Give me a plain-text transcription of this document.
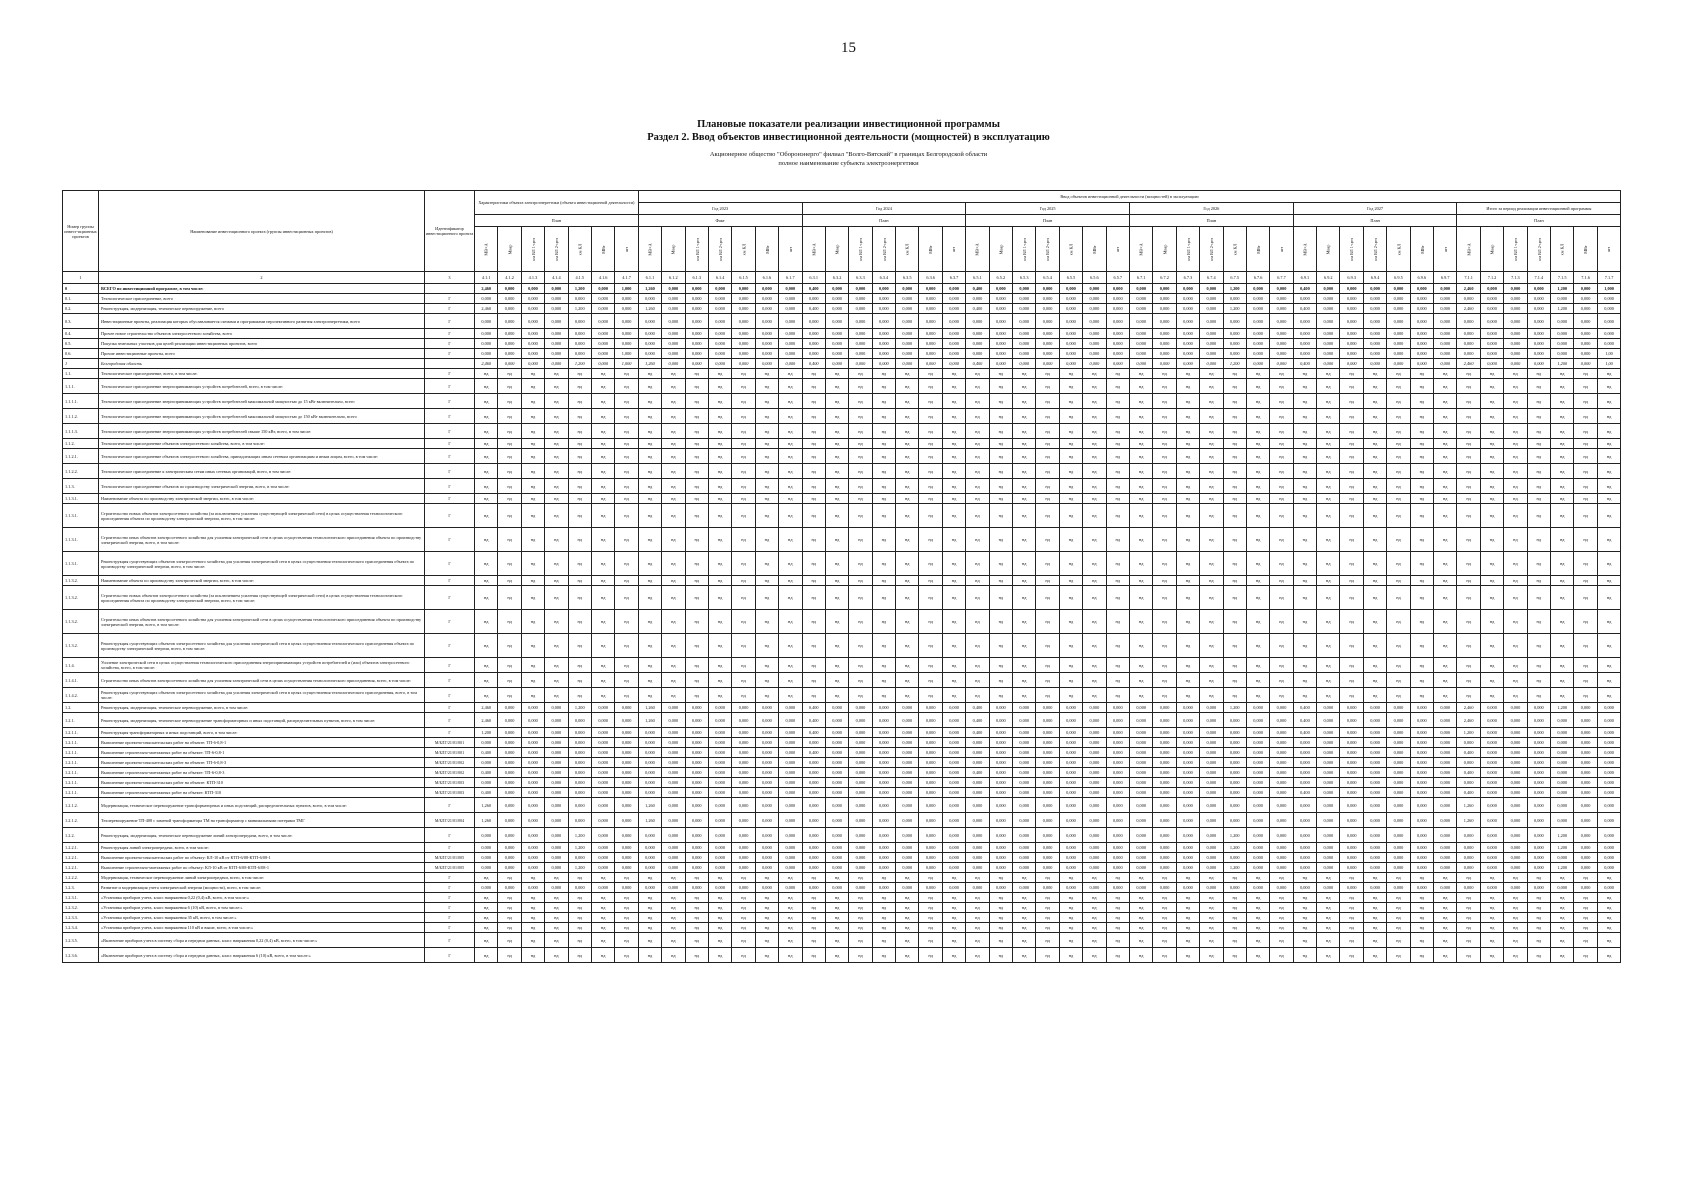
15
Плановые показатели реализации инвестиционной программы
Раздел 2. Ввод объектов инвестиционной деятельности (мощностей) в эксплуатацию
Акционерное общество "Оборонэнерго" филиал "Волго-Вятский" в границах Белгородской области
полное наименование субъекта электроэнергетики
Номер группы инвест-иционных проектов	Наименование инвестиционного проекта (группы инвестиционных проектов)	Идентификатор инвестиционного проекта	Характеристики объекта электроэнергетики (объекта инвестиционной деятельности)							Ввод объектов инвестиционной деятельности (мощностей) в эксплуатацию																																									
										Год 2023							Год 2024							Год 2025							Год 2026							Год 2027							Итого за период реализации инвестиционной программы						
			План							Факт							План							План							План							План							План						
			МВ×А	Мвар	км ВЛ 1-цеп	км ВЛ 2-цеп	км КЛ	МВт	шт	МВ×А	Мвар	км ВЛ 1-цеп	км ВЛ 2-цеп	км КЛ	МВт	шт	МВ×А	Мвар	км ВЛ 1-цеп	км ВЛ 2-цеп	км КЛ	МВт	шт	МВ×А	Мвар	км ВЛ 1-цеп	км ВЛ 2-цеп	км КЛ	МВт	шт	МВ×А	Мвар	км ВЛ 1-цеп	км ВЛ 2-цеп	км КЛ	МВт	шт	МВ×А	Мвар	км ВЛ 1-цеп	км ВЛ 2-цеп	км КЛ	МВт	шт	МВ×А	Мвар	км ВЛ 1-цеп	км ВЛ 2-цеп	км КЛ	МВт	шт
1	2	3	4.1.1	4.1.2	4.1.3	4.1.4	4.1.5	4.1.6	4.1.7	6.1.1	6.1.2	6.1.3	6.1.4	6.1.5	6.1.6	6.1.7	6.3.1	6.3.2	6.3.3	6.3.4	6.3.5	6.3.6	6.3.7	6.5.1	6.5.2	6.5.3	6.5.4	6.5.5	6.5.6	6.5.7	6.7.1	6.7.2	6.7.3	6.7.4	6.7.5	6.7.6	6.7.7	6.9.1	6.9.2	6.9.3	6.9.4	6.9.5	6.9.6	6.9.7	7.1.1	7.1.2	7.1.3	7.1.4	7.1.5	7.1.6	7.1.7
0	ВСЕГО по инвестиционной программе, в том числе:		2,460	0,000	0,000	0,000	1,200	0,000	1,000	1,260	0,000	0,000	0,000	0,000	0,000	0,000	0,400	0,000	0,000	0,000	0,000	0,000	0,000	0,400	0,000	0,000	0,000	0,000	0,000	0,000	0,000	0,000	0,000	0,000	1,200	0,000	0,000	0,400	0,000	0,000	0,000	0,000	0,000	0,000	2,460	0,000	0,000	0,000	1,200	0,000	1,000
0.1.	Технологическое присоединение, всего	Г	0,000	0,000	0,000	0,000	0,000	0,000	0,000	0,000	0,000	0,000	0,000	0,000	0,000	0,000	0,000	0,000	0,000	0,000	0,000	0,000	0,000	0,000	0,000	0,000	0,000	0,000	0,000	0,000	0,000	0,000	0,000	0,000	0,000	0,000	0,000	0,000	0,000	0,000	0,000	0,000	0,000	0,000	0,000	0,000	0,000	0,000	0,000	0,000	0,000
0.2.	Реконструкция, модернизация, техническое перевооружение, всего	Г	2,460	0,000	0,000	0,000	1,200	0,000	0,000	1,260	0,000	0,000	0,000	0,000	0,000	0,000	0,400	0,000	0,000	0,000	0,000	0,000	0,000	0,400	0,000	0,000	0,000	0,000	0,000	0,000	0,000	0,000	0,000	0,000	1,200	0,000	0,000	0,400	0,000	0,000	0,000	0,000	0,000	0,000	2,460	0,000	0,000	0,000	1,200	0,000	0,000
0.3.	Инвестиционные проекты, реализация которых обуславливается схемами и программами перспективного развития электроэнергетики, всего	Г	0,000	0,000	0,000	0,000	0,000	0,000	0,000	0,000	0,000	0,000	0,000	0,000	0,000	0,000	0,000	0,000	0,000	0,000	0,000	0,000	0,000	0,000	0,000	0,000	0,000	0,000	0,000	0,000	0,000	0,000	0,000	0,000	0,000	0,000	0,000	0,000	0,000	0,000	0,000	0,000	0,000	0,000	0,000	0,000	0,000	0,000	0,000	0,000	0,000
0.4.	Прочее новое строительство объектов электросетевого хозяйства, всего	Г	0,000	0,000	0,000	0,000	0,000	0,000	0,000	0,000	0,000	0,000	0,000	0,000	0,000	0,000	0,000	0,000	0,000	0,000	0,000	0,000	0,000	0,000	0,000	0,000	0,000	0,000	0,000	0,000	0,000	0,000	0,000	0,000	0,000	0,000	0,000	0,000	0,000	0,000	0,000	0,000	0,000	0,000	0,000	0,000	0,000	0,000	0,000	0,000	0,000
0.5.	Покупка земельных участков для целей реализации инвестиционных проектов, всего	Г	0,000	0,000	0,000	0,000	0,000	0,000	0,000	0,000	0,000	0,000	0,000	0,000	0,000	0,000	0,000	0,000	0,000	0,000	0,000	0,000	0,000	0,000	0,000	0,000	0,000	0,000	0,000	0,000	0,000	0,000	0,000	0,000	0,000	0,000	0,000	0,000	0,000	0,000	0,000	0,000	0,000	0,000	0,000	0,000	0,000	0,000	0,000	0,000	0,000
0.6.	Прочие инвестиционные проекты, всего	Г	0,000	0,000	0,000	0,000	0,000	0,000	1,000	0,000	0,000	0,000	0,000	0,000	0,000	0,000	0,000	0,000	0,000	0,000	0,000	0,000	0,000	0,000	0,000	0,000	0,000	0,000	0,000	0,000	0,000	0,000	0,000	0,000	0,000	0,000	0,000	0,000	0,000	0,000	0,000	0,000	0,000	0,000	0,000	0,000	0,000	0,000	0,000	0,000	1,00
1	Белгородская область		2,460	0,000	0,000	0,000	1,200	0,000	1,000	1,260	0,000	0,000	0,000	0,000	0,000	0,000	0,400	0,000	0,000	0,000	0,000	0,000	0,000	0,400	0,000	0,000	0,000	0,000	0,000	0,000	0,000	0,000	0,000	0,000	1,200	0,000	0,000	0,400	0,000	0,000	0,000	0,000	0,000	0,000	2,460	0,000	0,000	0,000	1,200	0,000	1,00
1.1.	Технологическое присоединение, всего, в том числе:	Г	нд	нд	нд	нд	нд	нд	нд	нд	нд	нд	нд	нд	нд	нд	нд	нд	нд	нд	нд	нд	нд	нд	нд	нд	нд	нд	нд	нд	нд	нд	нд	нд	нд	нд	нд	нд	нд	нд	нд	нд	нд	нд	нд	нд	нд	нд	нд	нд	нд
1.1.1.	Технологическое присоединение энергопринимающих устройств потребителей, всего, в том числе:	Г	нд	нд	нд	нд	нд	нд	нд	нд	нд	нд	нд	нд	нд	нд	нд	нд	нд	нд	нд	нд	нд	нд	нд	нд	нд	нд	нд	нд	нд	нд	нд	нд	нд	нд	нд	нд	нд	нд	нд	нд	нд	нд	нд	нд	нд	нд	нд	нд	нд
1.1.1.1.	Технологическое присоединение энергопринимающих устройств потребителей максимальной мощностью до 15 кВт включительно, всего	Г	нд	нд	нд	нд	нд	нд	нд	нд	нд	нд	нд	нд	нд	нд	нд	нд	нд	нд	нд	нд	нд	нд	нд	нд	нд	нд	нд	нд	нд	нд	нд	нд	нд	нд	нд	нд	нд	нд	нд	нд	нд	нд	нд	нд	нд	нд	нд	нд	нд
1.1.1.2.	Технологическое присоединение энергопринимающих устройств потребителей максимальной мощностью до 150 кВт включительно, всего	Г	нд	нд	нд	нд	нд	нд	нд	нд	нд	нд	нд	нд	нд	нд	нд	нд	нд	нд	нд	нд	нд	нд	нд	нд	нд	нд	нд	нд	нд	нд	нд	нд	нд	нд	нд	нд	нд	нд	нд	нд	нд	нд	нд	нд	нд	нд	нд	нд	нд
1.1.1.3.	Технологическое присоединение энергопринимающих устройств потребителей свыше 150 кВт, всего, в том числе:	Г	нд	нд	нд	нд	нд	нд	нд	нд	нд	нд	нд	нд	нд	нд	нд	нд	нд	нд	нд	нд	нд	нд	нд	нд	нд	нд	нд	нд	нд	нд	нд	нд	нд	нд	нд	нд	нд	нд	нд	нд	нд	нд	нд	нд	нд	нд	нд	нд	нд
1.1.2.	Технологическое присоединение объектов электросетевого хозяйства, всего, в том числе:	Г	нд	нд	нд	нд	нд	нд	нд	нд	нд	нд	нд	нд	нд	нд	нд	нд	нд	нд	нд	нд	нд	нд	нд	нд	нд	нд	нд	нд	нд	нд	нд	нд	нд	нд	нд	нд	нд	нд	нд	нд	нд	нд	нд	нд	нд	нд	нд	нд	нд
1.1.2.1.	Технологическое присоединение объектов электросетевого хозяйства, принадлежащих иным сетевым организациям и иным лицам, всего, в том числе:	Г	нд	нд	нд	нд	нд	нд	нд	нд	нд	нд	нд	нд	нд	нд	нд	нд	нд	нд	нд	нд	нд	нд	нд	нд	нд	нд	нд	нд	нд	нд	нд	нд	нд	нд	нд	нд	нд	нд	нд	нд	нд	нд	нд	нд	нд	нд	нд	нд	нд
1.1.2.2.	Технологическое присоединение к электрическим сетям иных сетевых организаций, всего, в том числе:	Г	нд	нд	нд	нд	нд	нд	нд	нд	нд	нд	нд	нд	нд	нд	нд	нд	нд	нд	нд	нд	нд	нд	нд	нд	нд	нд	нд	нд	нд	нд	нд	нд	нд	нд	нд	нд	нд	нд	нд	нд	нд	нд	нд	нд	нд	нд	нд	нд	нд
1.1.3.	Технологическое присоединение объектов по производству электрической энергии, всего, в том числе:	Г	нд	нд	нд	нд	нд	нд	нд	нд	нд	нд	нд	нд	нд	нд	нд	нд	нд	нд	нд	нд	нд	нд	нд	нд	нд	нд	нд	нд	нд	нд	нд	нд	нд	нд	нд	нд	нд	нд	нд	нд	нд	нд	нд	нд	нд	нд	нд	нд	нд
1.1.3.1.	Наименование объекта по производству электрической энергии, всего, в том числе:	Г	нд	нд	нд	нд	нд	нд	нд	нд	нд	нд	нд	нд	нд	нд	нд	нд	нд	нд	нд	нд	нд	нд	нд	нд	нд	нд	нд	нд	нд	нд	нд	нд	нд	нд	нд	нд	нд	нд	нд	нд	нд	нд	нд	нд	нд	нд	нд	нд	нд
1.1.3.1.	Строительство новых объектов электросетевого хозяйства (за исключением усиления существующей электрической сети) в целях осуществления технологического присоединения объекта по производству электрической энергии, всего, в том числе:	Г	нд	нд	нд	нд	нд	нд	нд	нд	нд	нд	нд	нд	нд	нд	нд	нд	нд	нд	нд	нд	нд	нд	нд	нд	нд	нд	нд	нд	нд	нд	нд	нд	нд	нд	нд	нд	нд	нд	нд	нд	нд	нд	нд	нд	нд	нд	нд	нд	нд
1.1.3.1.	Строительство иных объектов электросетевого хозяйства для усиления электрической сети в целях осуществления технологического присоединения объекта по производству электрической энергии, всего, в том числе:	Г	нд	нд	нд	нд	нд	нд	нд	нд	нд	нд	нд	нд	нд	нд	нд	нд	нд	нд	нд	нд	нд	нд	нд	нд	нд	нд	нд	нд	нд	нд	нд	нд	нд	нд	нд	нд	нд	нд	нд	нд	нд	нд	нд	нд	нд	нд	нд	нд	нд
1.1.3.1.	Реконструкция существующих объектов электросетевого хозяйства для усиления электрической сети в целях осуществления технологического присоединения объекта по производству электрической энергии, всего, в том числе:	Г	нд	нд	нд	нд	нд	нд	нд	нд	нд	нд	нд	нд	нд	нд	нд	нд	нд	нд	нд	нд	нд	нд	нд	нд	нд	нд	нд	нд	нд	нд	нд	нд	нд	нд	нд	нд	нд	нд	нд	нд	нд	нд	нд	нд	нд	нд	нд	нд	нд
1.1.3.2.	Наименование объекта по производству электрической энергии, всего, в том числе:	Г	нд	нд	нд	нд	нд	нд	нд	нд	нд	нд	нд	нд	нд	нд	нд	нд	нд	нд	нд	нд	нд	нд	нд	нд	нд	нд	нд	нд	нд	нд	нд	нд	нд	нд	нд	нд	нд	нд	нд	нд	нд	нд	нд	нд	нд	нд	нд	нд	нд
1.1.3.2.	Строительство новых объектов электросетевого хозяйства (за исключением усиления существующей электрической сети) в целях осуществления технологического присоединения объекта по производству электрической энергии, всего, в том числе:	Г	нд	нд	нд	нд	нд	нд	нд	нд	нд	нд	нд	нд	нд	нд	нд	нд	нд	нд	нд	нд	нд	нд	нд	нд	нд	нд	нд	нд	нд	нд	нд	нд	нд	нд	нд	нд	нд	нд	нд	нд	нд	нд	нд	нд	нд	нд	нд	нд	нд
1.1.3.2.	Строительство иных объектов электросетевого хозяйства для усиления электрической сети в целях осуществления технологического присоединения объекта по производству электрической энергии, всего, в том числе:	Г	нд	нд	нд	нд	нд	нд	нд	нд	нд	нд	нд	нд	нд	нд	нд	нд	нд	нд	нд	нд	нд	нд	нд	нд	нд	нд	нд	нд	нд	нд	нд	нд	нд	нд	нд	нд	нд	нд	нд	нд	нд	нд	нд	нд	нд	нд	нд	нд	нд
1.1.3.2.	Реконструкция существующих объектов электросетевого хозяйства для усиления электрической сети в целях осуществления технологического присоединения объекта по производству электрической энергии, всего, в том числе:	Г	нд	нд	нд	нд	нд	нд	нд	нд	нд	нд	нд	нд	нд	нд	нд	нд	нд	нд	нд	нд	нд	нд	нд	нд	нд	нд	нд	нд	нд	нд	нд	нд	нд	нд	нд	нд	нд	нд	нд	нд	нд	нд	нд	нд	нд	нд	нд	нд	нд
1.1.4.	Усиление электрической сети в целях осуществления технологического присоединения энергопринимающих устройств потребителей и (или) объектов электросетевого хозяйства, всего, в том числе:	Г	нд	нд	нд	нд	нд	нд	нд	нд	нд	нд	нд	нд	нд	нд	нд	нд	нд	нд	нд	нд	нд	нд	нд	нд	нд	нд	нд	нд	нд	нд	нд	нд	нд	нд	нд	нд	нд	нд	нд	нд	нд	нд	нд	нд	нд	нд	нд	нд	нд
1.1.4.1.	Строительство иных объектов электросетевого хозяйства для усиления электрической сети в целях осуществления технологического присоединения, всего, в том числе:	Г	нд	нд	нд	нд	нд	нд	нд	нд	нд	нд	нд	нд	нд	нд	нд	нд	нд	нд	нд	нд	нд	нд	нд	нд	нд	нд	нд	нд	нд	нд	нд	нд	нд	нд	нд	нд	нд	нд	нд	нд	нд	нд	нд	нд	нд	нд	нд	нд	нд
1.1.4.2.	Реконструкция существующих объектов электросетевого хозяйства для усиления электрической сети в целях осуществления технологического присоединения, всего, в том числе:	Г	нд	нд	нд	нд	нд	нд	нд	нд	нд	нд	нд	нд	нд	нд	нд	нд	нд	нд	нд	нд	нд	нд	нд	нд	нд	нд	нд	нд	нд	нд	нд	нд	нд	нд	нд	нд	нд	нд	нд	нд	нд	нд	нд	нд	нд	нд	нд	нд	нд
1.2.	Реконструкция, модернизация, техническое перевооружение, всего, в том числе:	Г	2,460	0,000	0,000	0,000	1,200	0,000	0,000	1,260	0,000	0,000	0,000	0,000	0,000	0,000	0,400	0,000	0,000	0,000	0,000	0,000	0,000	0,400	0,000	0,000	0,000	0,000	0,000	0,000	0,000	0,000	0,000	0,000	1,200	0,000	0,000	0,400	0,000	0,000	0,000	0,000	0,000	0,000	2,460	0,000	0,000	0,000	1,200	0,000	0,000
1.2.1.	Реконструкция, модернизация, техническое перевооружение трансформаторных и иных подстанций, распределительных пунктов, всего, в том числе:	Г	2,460	0,000	0,000	0,000	0,000	0,000	0,000	1,260	0,000	0,000	0,000	0,000	0,000	0,000	0,400	0,000	0,000	0,000	0,000	0,000	0,000	0,400	0,000	0,000	0,000	0,000	0,000	0,000	0,000	0,000	0,000	0,000	0,000	0,000	0,000	0,400	0,000	0,000	0,000	0,000	0,000	0,000	2,460	0,000	0,000	0,000	0,000	0,000	0,000
1.2.1.1.	Реконструкция трансформаторных и иных подстанций, всего, в том числе:	Г	1,200	0,000	0,000	0,000	0,000	0,000	0,000	0,000	0,000	0,000	0,000	0,000	0,000	0,000	0,400	0,000	0,000	0,000	0,000	0,000	0,000	0,400	0,000	0,000	0,000	0,000	0,000	0,000	0,000	0,000	0,000	0,000	0,000	0,000	0,000	0,400	0,000	0,000	0,000	0,000	0,000	0,000	1,200	0,000	0,000	0,000	0,000	0,000	0,000
1.2.1.1.	Выполнение проектно-изыскательских работ на объекте: ТП-6-0,8-1	М/БЛГ/21/01/001	0,000	0,000	0,000	0,000	0,000	0,000	0,000	0,000	0,000	0,000	0,000	0,000	0,000	0,000	0,000	0,000	0,000	0,000	0,000	0,000	0,000	0,000	0,000	0,000	0,000	0,000	0,000	0,000	0,000	0,000	0,000	0,000	0,000	0,000	0,000	0,000	0,000	0,000	0,000	0,000	0,000	0,000	0,000	0,000	0,000	0,000	0,000	0,000	0,000
1.2.1.1.	Выполнение строительно-монтажных работ на объекте: ТП-6-0,8-1	М/БЛГ/21/01/001	0,400	0,000	0,000	0,000	0,000	0,000	0,000	0,000	0,000	0,000	0,000	0,000	0,000	0,000	0,400	0,000	0,000	0,000	0,000	0,000	0,000	0,000	0,000	0,000	0,000	0,000	0,000	0,000	0,000	0,000	0,000	0,000	0,000	0,000	0,000	0,000	0,000	0,000	0,000	0,000	0,000	0,000	0,400	0,000	0,000	0,000	0,000	0,000	0,000
1.2.1.1.	Выполнение проектно-изыскательских работ на объекте: ТП-6-0,8-3	М/БЛГ/21/01/002	0,000	0,000	0,000	0,000	0,000	0,000	0,000	0,000	0,000	0,000	0,000	0,000	0,000	0,000	0,000	0,000	0,000	0,000	0,000	0,000	0,000	0,000	0,000	0,000	0,000	0,000	0,000	0,000	0,000	0,000	0,000	0,000	0,000	0,000	0,000	0,000	0,000	0,000	0,000	0,000	0,000	0,000	0,000	0,000	0,000	0,000	0,000	0,000	0,000
1.2.1.1.	Выполнение строительно-монтажных работ на объекте: ТП-6-0,8-3	М/БЛГ/21/01/002	0,400	0,000	0,000	0,000	0,000	0,000	0,000	0,000	0,000	0,000	0,000	0,000	0,000	0,000	0,000	0,000	0,000	0,000	0,000	0,000	0,000	0,400	0,000	0,000	0,000	0,000	0,000	0,000	0,000	0,000	0,000	0,000	0,000	0,000	0,000	0,000	0,000	0,000	0,000	0,000	0,000	0,000	0,400	0,000	0,000	0,000	0,000	0,000	0,000
1.2.1.1.	Выполнение проектно-изыскательских работ на объекте: КТП-310	М/БЛГ/21/01/003	0,000	0,000	0,000	0,000	0,000	0,000	0,000	0,000	0,000	0,000	0,000	0,000	0,000	0,000	0,000	0,000	0,000	0,000	0,000	0,000	0,000	0,000	0,000	0,000	0,000	0,000	0,000	0,000	0,000	0,000	0,000	0,000	0,000	0,000	0,000	0,000	0,000	0,000	0,000	0,000	0,000	0,000	0,000	0,000	0,000	0,000	0,000	0,000	0,000
1.2.1.1.	Выполнение строительно-монтажных работ на объекте: КТП-310	М/БЛГ/21/01/003	0,400	0,000	0,000	0,000	0,000	0,000	0,000	0,000	0,000	0,000	0,000	0,000	0,000	0,000	0,000	0,000	0,000	0,000	0,000	0,000	0,000	0,000	0,000	0,000	0,000	0,000	0,000	0,000	0,000	0,000	0,000	0,000	0,000	0,000	0,000	0,400	0,000	0,000	0,000	0,000	0,000	0,000	0,400	0,000	0,000	0,000	0,000	0,000	0,000
1.2.1.2.	Модернизация, техническое перевооружение трансформаторных и иных подстанций, распределительных пунктов, всего, в том числе:	Г	1,260	0,000	0,000	0,000	0,000	0,000	0,000	1,260	0,000	0,000	0,000	0,000	0,000	0,000	0,000	0,000	0,000	0,000	0,000	0,000	0,000	0,000	0,000	0,000	0,000	0,000	0,000	0,000	0,000	0,000	0,000	0,000	0,000	0,000	0,000	0,000	0,000	0,000	0,000	0,000	0,000	0,000	1,260	0,000	0,000	0,000	0,000	0,000	0,000
1.2.1.2.	Техперевооружение ТП-408 с заменой трансформатора ТМ на трансформатор с минимальными потерями ТМГ	М/БЛГ/21/01/004	1,260	0,000	0,000	0,000	0,000	0,000	0,000	1,260	0,000	0,000	0,000	0,000	0,000	0,000	0,000	0,000	0,000	0,000	0,000	0,000	0,000	0,000	0,000	0,000	0,000	0,000	0,000	0,000	0,000	0,000	0,000	0,000	0,000	0,000	0,000	0,000	0,000	0,000	0,000	0,000	0,000	0,000	1,260	0,000	0,000	0,000	0,000	0,000	0,000
1.2.2.	Реконструкция, модернизация, техническое перевооружение линий электропередачи, всего, в том числе:	Г	0,000	0,000	0,000	0,000	1,200	0,000	0,000	0,000	0,000	0,000	0,000	0,000	0,000	0,000	0,000	0,000	0,000	0,000	0,000	0,000	0,000	0,000	0,000	0,000	0,000	0,000	0,000	0,000	0,000	0,000	0,000	0,000	1,200	0,000	0,000	0,000	0,000	0,000	0,000	0,000	0,000	0,000	0,000	0,000	0,000	0,000	1,200	0,000	0,000
1.2.2.1.	Реконструкция линий электропередачи, всего, в том числе:	Г	0,000	0,000	0,000	0,000	1,200	0,000	0,000	0,000	0,000	0,000	0,000	0,000	0,000	0,000	0,000	0,000	0,000	0,000	0,000	0,000	0,000	0,000	0,000	0,000	0,000	0,000	0,000	0,000	0,000	0,000	0,000	0,000	1,200	0,000	0,000	0,000	0,000	0,000	0,000	0,000	0,000	0,000	0,000	0,000	0,000	0,000	1,200	0,000	0,000
1.2.2.1.	Выполнение проектно-изыскательских работ по объекту: КЛ-10 кВ от КТП-6/08-КТП-6/08-1	М/БЛГ/21/01/005	0,000	0,000	0,000	0,000	0,000	0,000	0,000	0,000	0,000	0,000	0,000	0,000	0,000	0,000	0,000	0,000	0,000	0,000	0,000	0,000	0,000	0,000	0,000	0,000	0,000	0,000	0,000	0,000	0,000	0,000	0,000	0,000	0,000	0,000	0,000	0,000	0,000	0,000	0,000	0,000	0,000	0,000	0,000	0,000	0,000	0,000	0,000	0,000	0,000
1.2.2.1.	Выполнение строительно-монтажных работ по объекту: КЛ-10 кВ от КТП-6/08-КТП-6/08-1	М/БЛГ/21/01/005	0,000	0,000	0,000	0,000	1,200	0,000	0,000	0,000	0,000	0,000	0,000	0,000	0,000	0,000	0,000	0,000	0,000	0,000	0,000	0,000	0,000	0,000	0,000	0,000	0,000	0,000	0,000	0,000	0,000	0,000	0,000	0,000	1,200	0,000	0,000	0,000	0,000	0,000	0,000	0,000	0,000	0,000	0,000	0,000	0,000	0,000	1,200	0,000	0,000
1.2.2.2.	Модернизация, техническое перевооружение линий электропередачи, всего, в том числе:	Г	нд	нд	нд	нд	нд	нд	нд	нд	нд	нд	нд	нд	нд	нд	нд	нд	нд	нд	нд	нд	нд	нд	нд	нд	нд	нд	нд	нд	нд	нд	нд	нд	нд	нд	нд	нд	нд	нд	нд	нд	нд	нд	нд	нд	нд	нд	нд	нд	нд
1.2.3.	Развитие и модернизация учета электрической энергии (мощности), всего, в том числе:	Г	0,000	0,000	0,000	0,000	0,000	0,000	0,000	0,000	0,000	0,000	0,000	0,000	0,000	0,000	0,000	0,000	0,000	0,000	0,000	0,000	0,000	0,000	0,000	0,000	0,000	0,000	0,000	0,000	0,000	0,000	0,000	0,000	0,000	0,000	0,000	0,000	0,000	0,000	0,000	0,000	0,000	0,000	0,000	0,000	0,000	0,000	0,000	0,000	0,000
1.2.3.1.	«Установка приборов учета, класс напряжения 0,22 (0,4) кВ, всего, в том числе:»	Г	нд	нд	нд	нд	нд	нд	нд	нд	нд	нд	нд	нд	нд	нд	нд	нд	нд	нд	нд	нд	нд	нд	нд	нд	нд	нд	нд	нд	нд	нд	нд	нд	нд	нд	нд	нд	нд	нд	нд	нд	нд	нд	нд	нд	нд	нд	нд	нд	нд
1.2.3.2.	«Установка приборов учета, класс напряжения 6 (10) кВ, всего, в том числе:»	Г	нд	нд	нд	нд	нд	нд	нд	нд	нд	нд	нд	нд	нд	нд	нд	нд	нд	нд	нд	нд	нд	нд	нд	нд	нд	нд	нд	нд	нд	нд	нд	нд	нд	нд	нд	нд	нд	нд	нд	нд	нд	нд	нд	нд	нд	нд	нд	нд	нд
1.2.3.3.	«Установка приборов учета, класс напряжения 35 кВ, всего, в том числе:»	Г	нд	нд	нд	нд	нд	нд	нд	нд	нд	нд	нд	нд	нд	нд	нд	нд	нд	нд	нд	нд	нд	нд	нд	нд	нд	нд	нд	нд	нд	нд	нд	нд	нд	нд	нд	нд	нд	нд	нд	нд	нд	нд	нд	нд	нд	нд	нд	нд	нд
1.2.3.4.	«Установка приборов учета, класс напряжения 110 кВ и выше, всего, в том числе:»	Г	нд	нд	нд	нд	нд	нд	нд	нд	нд	нд	нд	нд	нд	нд	нд	нд	нд	нд	нд	нд	нд	нд	нд	нд	нд	нд	нд	нд	нд	нд	нд	нд	нд	нд	нд	нд	нд	нд	нд	нд	нд	нд	нд	нд	нд	нд	нд	нд	нд
1.2.3.5.	«Включение приборов учета в систему сбора и передачи данных, класс напряжения 0,22 (0,4) кВ, всего, в том числе:»	Г	нд	нд	нд	нд	нд	нд	нд	нд	нд	нд	нд	нд	нд	нд	нд	нд	нд	нд	нд	нд	нд	нд	нд	нд	нд	нд	нд	нд	нд	нд	нд	нд	нд	нд	нд	нд	нд	нд	нд	нд	нд	нд	нд	нд	нд	нд	нд	нд	нд
1.2.3.6.	«Включение приборов учета в систему сбора и передачи данных, класс напряжения 6 (10) кВ, всего, в том числе:»	Г	нд	нд	нд	нд	нд	нд	нд	нд	нд	нд	нд	нд	нд	нд	нд	нд	нд	нд	нд	нд	нд	нд	нд	нд	нд	нд	нд	нд	нд	нд	нд	нд	нд	нд	нд	нд	нд	нд	нд	нд	нд	нд	нд	нд	нд	нд	нд	нд	нд
